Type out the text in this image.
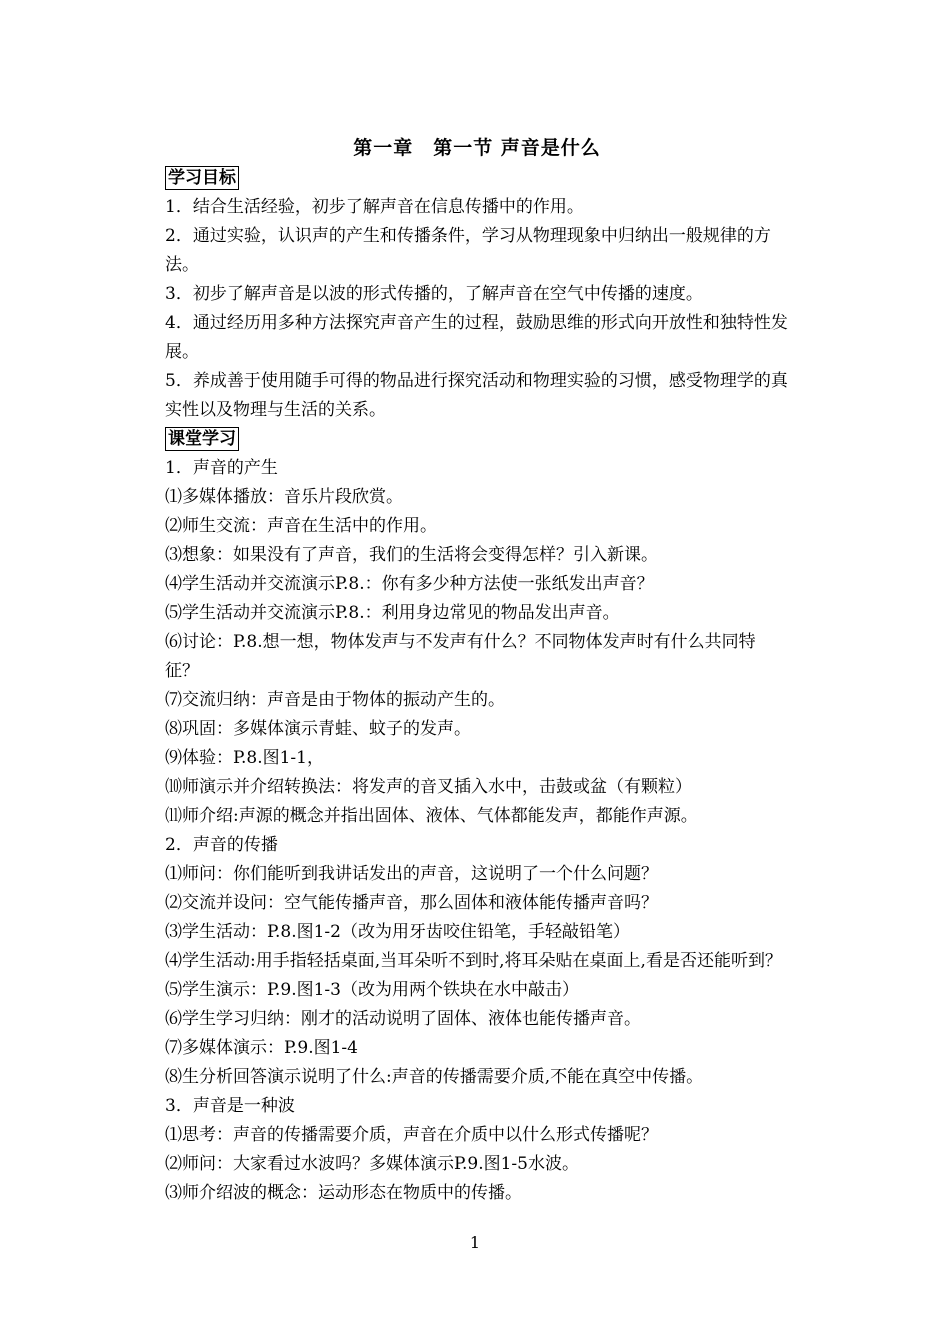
第一章　第一节 声音是什么
学习目标

1．结合生活经验，初步了解声音在信息传播中的作用。

2．通过实验，认识声的产生和传播条件，学习从物理现象中归纳出一般规律的方法。

3．初步了解声音是以波的形式传播的，了解声音在空气中传播的速度。

4．通过经历用多种方法探究声音产生的过程，鼓励思维的形式向开放性和独特性发展。

5．养成善于使用随手可得的物品进行探究活动和物理实验的习惯，感受物理学的真实性以及物理与生活的关系。

课堂学习

1．声音的产生

⑴多媒体播放：音乐片段欣赏。

⑵师生交流：声音在生活中的作用。

⑶想象：如果没有了声音，我们的生活将会变得怎样？引入新课。

⑷学生活动并交流演示P.8.：你有多少种方法使一张纸发出声音？

⑸学生活动并交流演示P.8.：利用身边常见的物品发出声音。

⑹讨论：P.8.想一想，物体发声与不发声有什么？不同物体发声时有什么共同特征？

⑺交流归纳：声音是由于物体的振动产生的。

⑻巩固：多媒体演示青蛙、蚊子的发声。

⑼体验：P.8.图1-1，

⑽师演示并介绍转换法：将发声的音叉插入水中，击鼓或盆（有颗粒）

⑾师介绍:声源的概念并指出固体、液体、气体都能发声，都能作声源。

2．声音的传播

⑴师问：你们能听到我讲话发出的声音，这说明了一个什么问题？

⑵交流并设问：空气能传播声音，那么固体和液体能传播声音吗？

⑶学生活动：P.8.图1-2（改为用牙齿咬住铅笔，手轻敲铅笔）

⑷学生活动:用手指轻括桌面,当耳朵听不到时,将耳朵贴在桌面上,看是否还能听到？

⑸学生演示：P.9.图1-3（改为用两个铁块在水中敲击）

⑹学生学习归纳：刚才的活动说明了固体、液体也能传播声音。

⑺多媒体演示：P.9.图1-4

⑻生分析回答演示说明了什么:声音的传播需要介质,不能在真空中传播。

3．声音是一种波

⑴思考：声音的传播需要介质，声音在介质中以什么形式传播呢？

⑵师问：大家看过水波吗？多媒体演示P.9.图1-5水波。

⑶师介绍波的概念：运动形态在物质中的传播。

1
